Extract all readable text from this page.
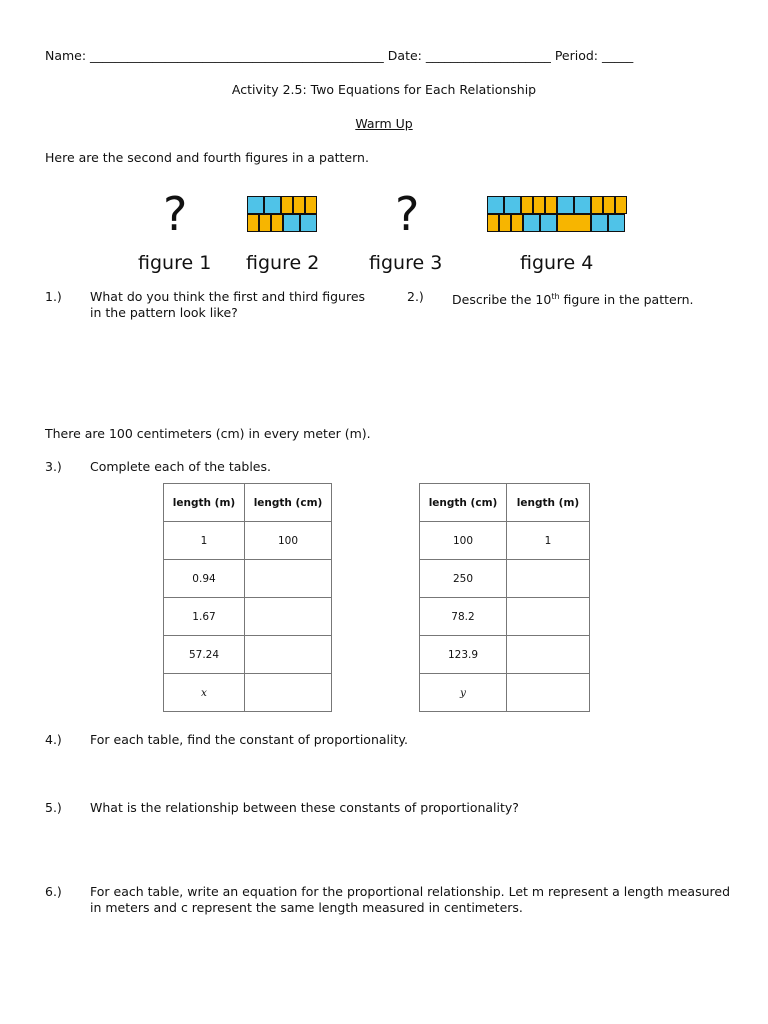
Name: _______________________________________________ Date: ____________________ Period: _____
Activity 2.5: Two Equations for Each Relationship
Warm Up
Here are the second and fourth figures in a pattern.
?	?
figure 1 figure 2	figure 3	figure 4
1.) What do you think the first and third figures in the pattern look like?
2.) Describe the 10th figure in the pattern.
There are 100 centimeters (cm) in every meter (m).
3.) Complete each of the tables.
length (m)	length (cm)
1	100
0.94	
1.67	
57.24	
x	
length (cm)	length (m)
100	1
250	
78.2	
123.9	
y	
4.) For each table, find the constant of proportionality.
5.) What is the relationship between these constants of proportionality?
6.) For each table, write an equation for the proportional relationship. Let m represent a length measured in meters and c represent the same length measured in centimeters.
